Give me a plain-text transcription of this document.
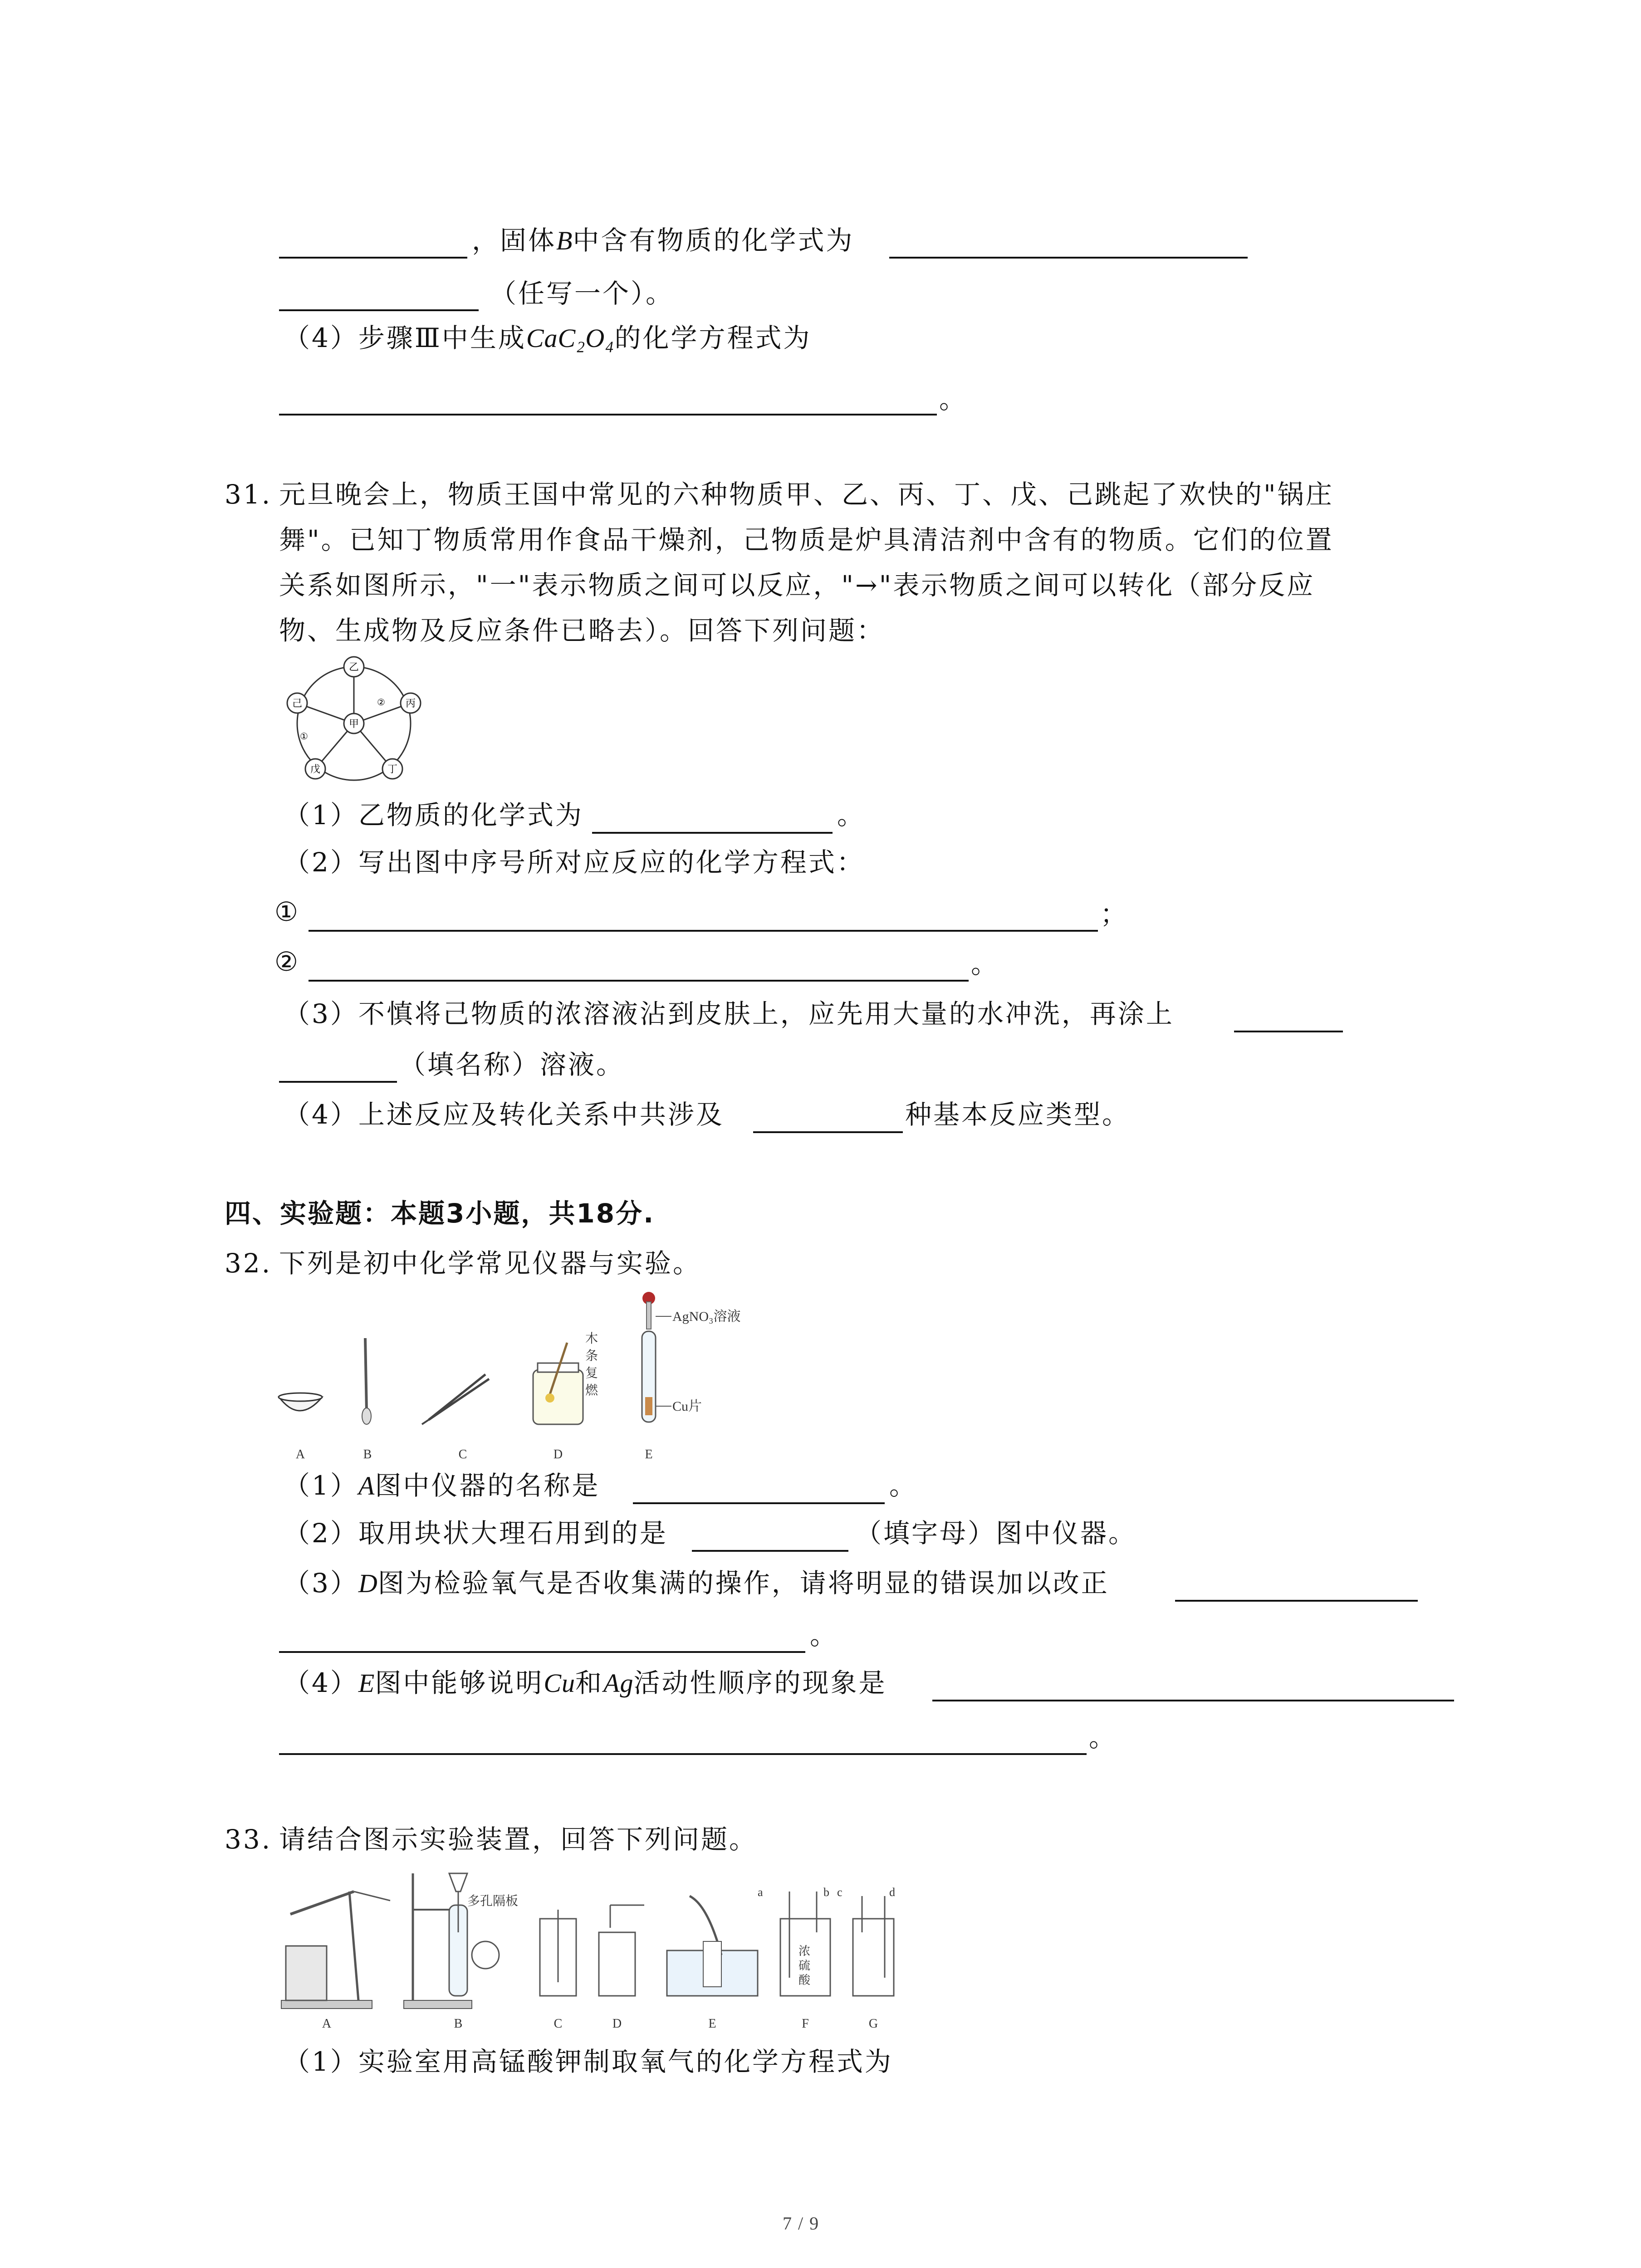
，固体B中含有物质的化学式为
（任写一个）。
（4）步骤Ⅲ中生成CaC₂O₄的化学方程式为
。
31. 元旦晚会上，物质王国中常见的六种物质甲、乙、丙、丁、戊、己跳起了欢快的"锅庄
舞"。已知丁物质常用作食品干燥剂，己物质是炉具清洁剂中含有的物质。它们的位置
关系如图所示，"一"表示物质之间可以反应，"→"表示物质之间可以转化（部分反应
物、生成物及反应条件已略去）。回答下列问题：
乙
丙
丁
戊
己
甲
①
②
（1）乙物质的化学式为	。
（2）写出图中序号所对应反应的化学方程式：
①	；
②	。
（3）不慎将己物质的浓溶液沾到皮肤上，应先用大量的水冲洗，再涂上
（填名称）溶液。
（4）上述反应及转化关系中共涉及	种基本反应类型。
四、实验题：本题3小题，共18分.
32. 下列是初中化学常见仪器与实验。
木
条
复
燃
AgNO₃溶液
Cu片
A	B	C	D	E
（1）A图中仪器的名称是	。
（2）取用块状大理石用到的是	（填字母）图中仪器。
（3）D图为检验氧气是否收集满的操作，请将明显的错误加以改正
。
（4）E图中能够说明Cu和Ag活动性顺序的现象是
。
33. 请结合图示实验装置，回答下列问题。
多孔隔板
浓
硫
酸
a	b c	d
A	B	C	D	E	F	G
（1）实验室用高锰酸钾制取氧气的化学方程式为
7 / 9
